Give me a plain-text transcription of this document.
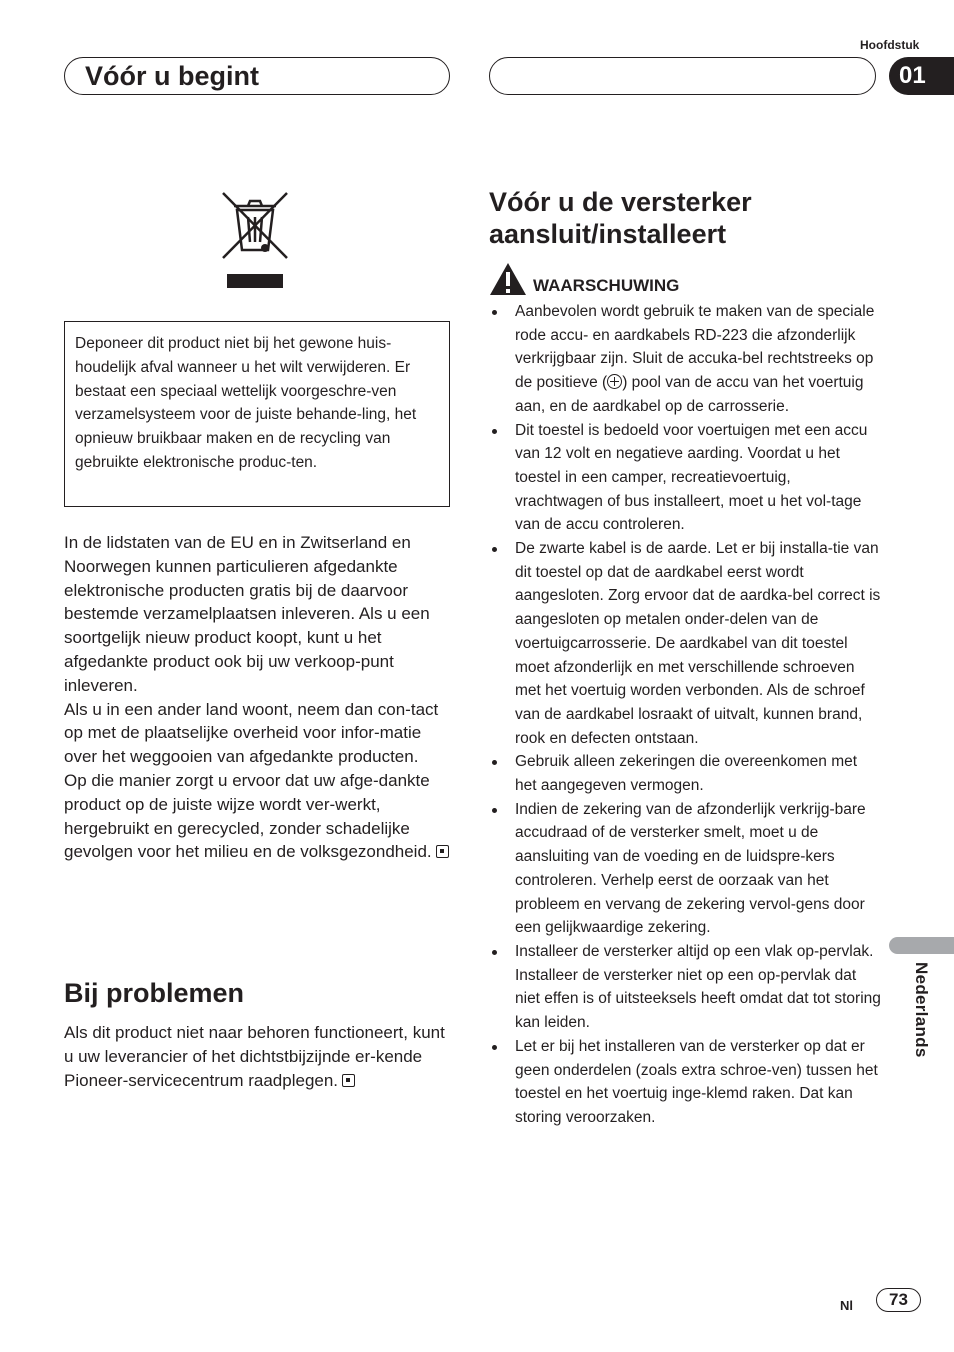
Hoofdstuk
Vóór u begint	01
Deponeer dit product niet bij het gewone huis-houdelijk afval wanneer u het wilt verwijderen. Er bestaat een speciaal wettelijk voorgeschre-ven verzamelsysteem voor de juiste behande-ling, het opnieuw bruikbaar maken en de recycling van gebruikte elektronische produc-ten.

In de lidstaten van de EU en in Zwitserland en Noorwegen kunnen particulieren afgedankte elektronische producten gratis bij de daarvoor bestemde verzamelplaatsen inleveren. Als u een soortgelijk nieuw product koopt, kunt u het afgedankte product ook bij uw verkoop-punt inleveren.

Als u in een ander land woont, neem dan con-tact op met de plaatselijke overheid voor infor-matie over het weggooien van afgedankte producten.

Op die manier zorgt u ervoor dat uw afge-dankte product op de juiste wijze wordt ver-werkt, hergebruikt en gerecycled, zonder schadelijke gevolgen voor het milieu en de volksgezondheid.

Bij problemen

Als dit product niet naar behoren functioneert, kunt u uw leverancier of het dichtstbijzijnde er-kende Pioneer-servicecentrum raadplegen.

Vóór u de versterker aansluit/installeert
WAARSCHUWING
Aanbevolen wordt gebruik te maken van de speciale rode accu- en aardkabels RD-223 die afzonderlijk verkrijgbaar zijn. Sluit de accuka-bel rechtstreeks op de positieve ( ) pool van de accu van het voertuig aan, en de aardkabel op de carrosserie.
Dit toestel is bedoeld voor voertuigen met een accu van 12 volt en negatieve aarding. Voordat u het toestel in een camper, recreatievoertuig, vrachtwagen of bus installeert, moet u het vol-tage van de accu controleren.
De zwarte kabel is de aarde. Let er bij installa-tie van dit toestel op dat de aardkabel eerst wordt aangesloten. Zorg ervoor dat de aardka-bel correct is aangesloten op metalen onder-delen van de voertuigcarrosserie. De aardkabel van dit toestel moet afzonderlijk en met verschillende schroeven met het voertuig worden verbonden. Als de schroef van de aardkabel losraakt of uitvalt, kunnen brand, rook en defecten ontstaan.
Gebruik alleen zekeringen die overeenkomen met het aangegeven vermogen.
Indien de zekering van de afzonderlijk verkrijg-bare accudraad of de versterker smelt, moet u de aansluiting van de voeding en de luidspre-kers controleren. Verhelp eerst de oorzaak van het probleem en vervang de zekering vervol-gens door een gelijkwaardige zekering.
Installeer de versterker altijd op een vlak op-pervlak. Installeer de versterker niet op een op-pervlak dat niet effen is of uitsteeksels heeft omdat dat tot storing kan leiden.
Let er bij het installeren van de versterker op dat er geen onderdelen (zoals extra schroe-ven) tussen het toestel en het voertuig inge-klemd raken. Dat kan storing veroorzaken.
Nederlands
Nl	73
